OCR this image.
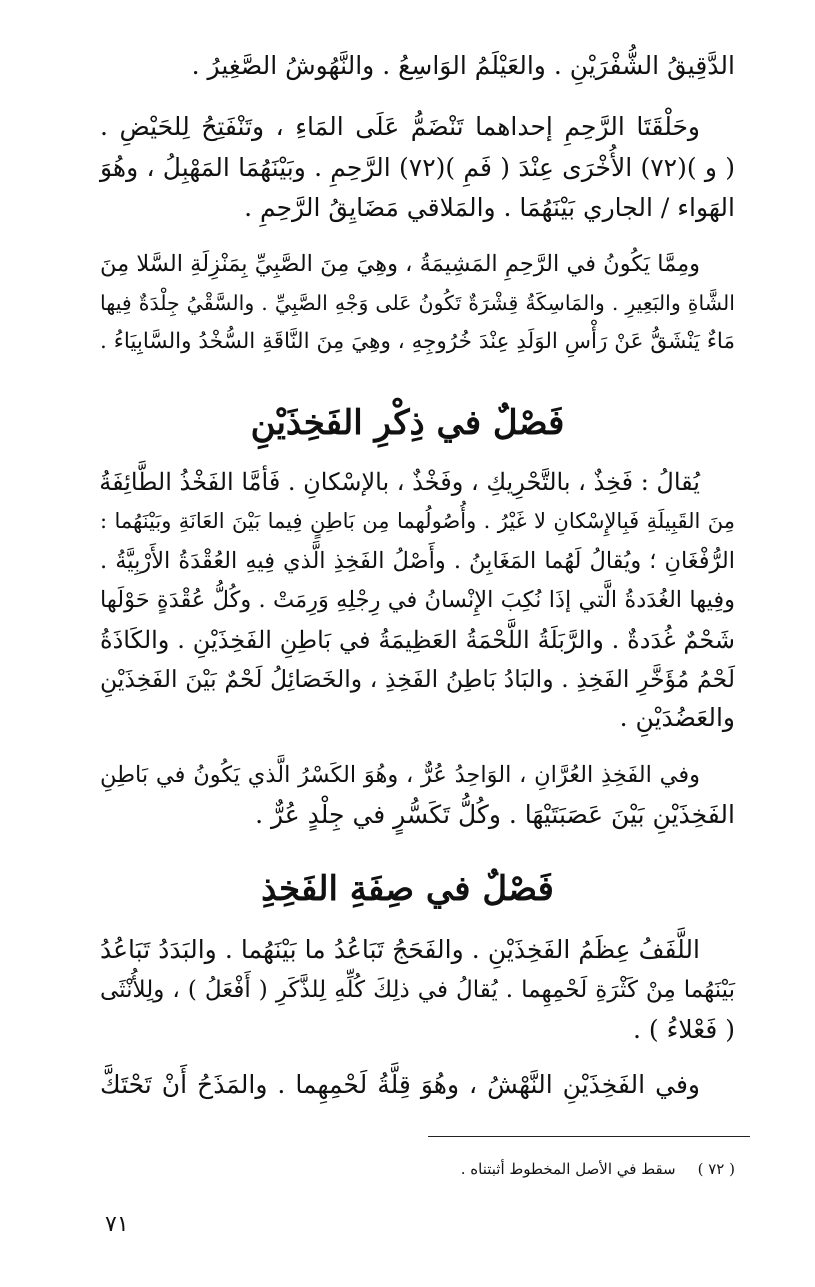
الدَّقِيقُ الشُّفْرَيْنِ . والعَيْلَمُ الوَاسِعُ . والنَّهُوشُ الصَّغِيرُ .
وحَلْقَتَا الرَّحِمِ إحداهما تَنْضَمُّ عَلَى المَاءِ ، وتَنْفَتِحُ لِلحَيْضِ .
( و )(٧٢) الأُخْرَى عِنْدَ ( فَمِ )(٧٢) الرَّحِمِ . وبَيْنَهُمَا المَهْبِلُ ، وهُوَ
الهَواء / الجاري بَيْنَهُمَا . والمَلاقي مَضَايِقُ الرَّحِمِ .
ومِمَّا يَكُونُ في الرَّحِمِ المَشِيمَةُ ، وهِيَ مِنَ الصَّبِيِّ بِمَنْزِلَةِ السَّلا مِنَ
الشَّاةِ والبَعِيرِ . والمَاسِكَةُ قِشْرَةٌ تَكُونُ عَلى وَجْهِ الصَّبِيِّ . والسَّقْيُ جِلْدَةٌ فِيها
مَاءٌ يَنْشَقُّ عَنْ رَأْسِ الوَلَدِ عِنْدَ خُرُوجِهِ ، وهِيَ مِنَ النَّاقَةِ السُّخْدُ والسَّابِيَاءُ .
فَصْلٌ في ذِكْرِ الفَخِذَيْنِ
يُقالُ : فَخِذٌ ، بالتَّحْرِيكِ ، وفَخْذٌ ، بالإسْكانِ . فَأمَّا الفَخْذُ الطَّائِفَةُ
مِنَ القَبِيلَةِ فَبِالإِسْكانِ لا غَيْرُ . وأُصُولُهما مِن بَاطِنٍ فِيما بَيْنَ العَانَةِ وبَيْنَهُما :
الرُّفْغَانِ ؛ ويُقالُ لَهُما المَغَابِنُ . وأَصْلُ الفَخِذِ الَّذي فِيهِ العُقْدَةُ الأَرْبِيَّةُ .
وفِيها الغُدَدةُ الَّتي إذَا نُكِبَ الإِنْسانُ في رِجْلِهِ وَرِمَتْ . وكُلُّ عُقْدَةٍ حَوْلَها
شَحْمٌ غُدَدةٌ . والرَّبَلَةُ اللَّحْمَةُ العَظِيمَةُ في بَاطِنِ الفَخِذَيْنِ . والكَاذَةُ
لَحْمُ مُؤَخَّرِ الفَخِذِ . والبَادُ بَاطِنُ الفَخِذِ ، والخَصَائِلُ لَحْمٌ بَيْنَ الفَخِذَيْنِ
والعَضُدَيْنِ .
وفي الفَخِذِ العُرَّانِ ، الوَاحِدُ عُرٌّ ، وهُوَ الكَسْرُ الَّذي يَكُونُ في بَاطِنِ
الفَخِذَيْنِ بَيْنَ عَصَبَتَيْهَا . وكُلُّ تَكَسُّرٍ في جِلْدٍ عُرٌّ .
فَصْلٌ في صِفَةِ الفَخِذِ
اللَّفَفُ عِظَمُ الفَخِذَيْنِ . والفَحَجُ تَبَاعُدُ ما بَيْنَهُما . والبَدَدُ تَبَاعُدُ
بَيْنَهُما مِنْ كَثْرَةِ لَحْمِهِما . يُقالُ في ذلِكَ كُلِّهِ لِلذَّكَرِ ( أَفْعَلُ ) ، ولِلأُنْثَى
( فَعْلاءُ ) .
وفي الفَخِذَيْنِ النَّهْشُ ، وهُوَ قِلَّةُ لَحْمِهِما . والمَذَحُ أَنْ تَحْتَكَّ
( ٧٢ )سقط في الأصل المخطوط أثبتناه .
٧١
